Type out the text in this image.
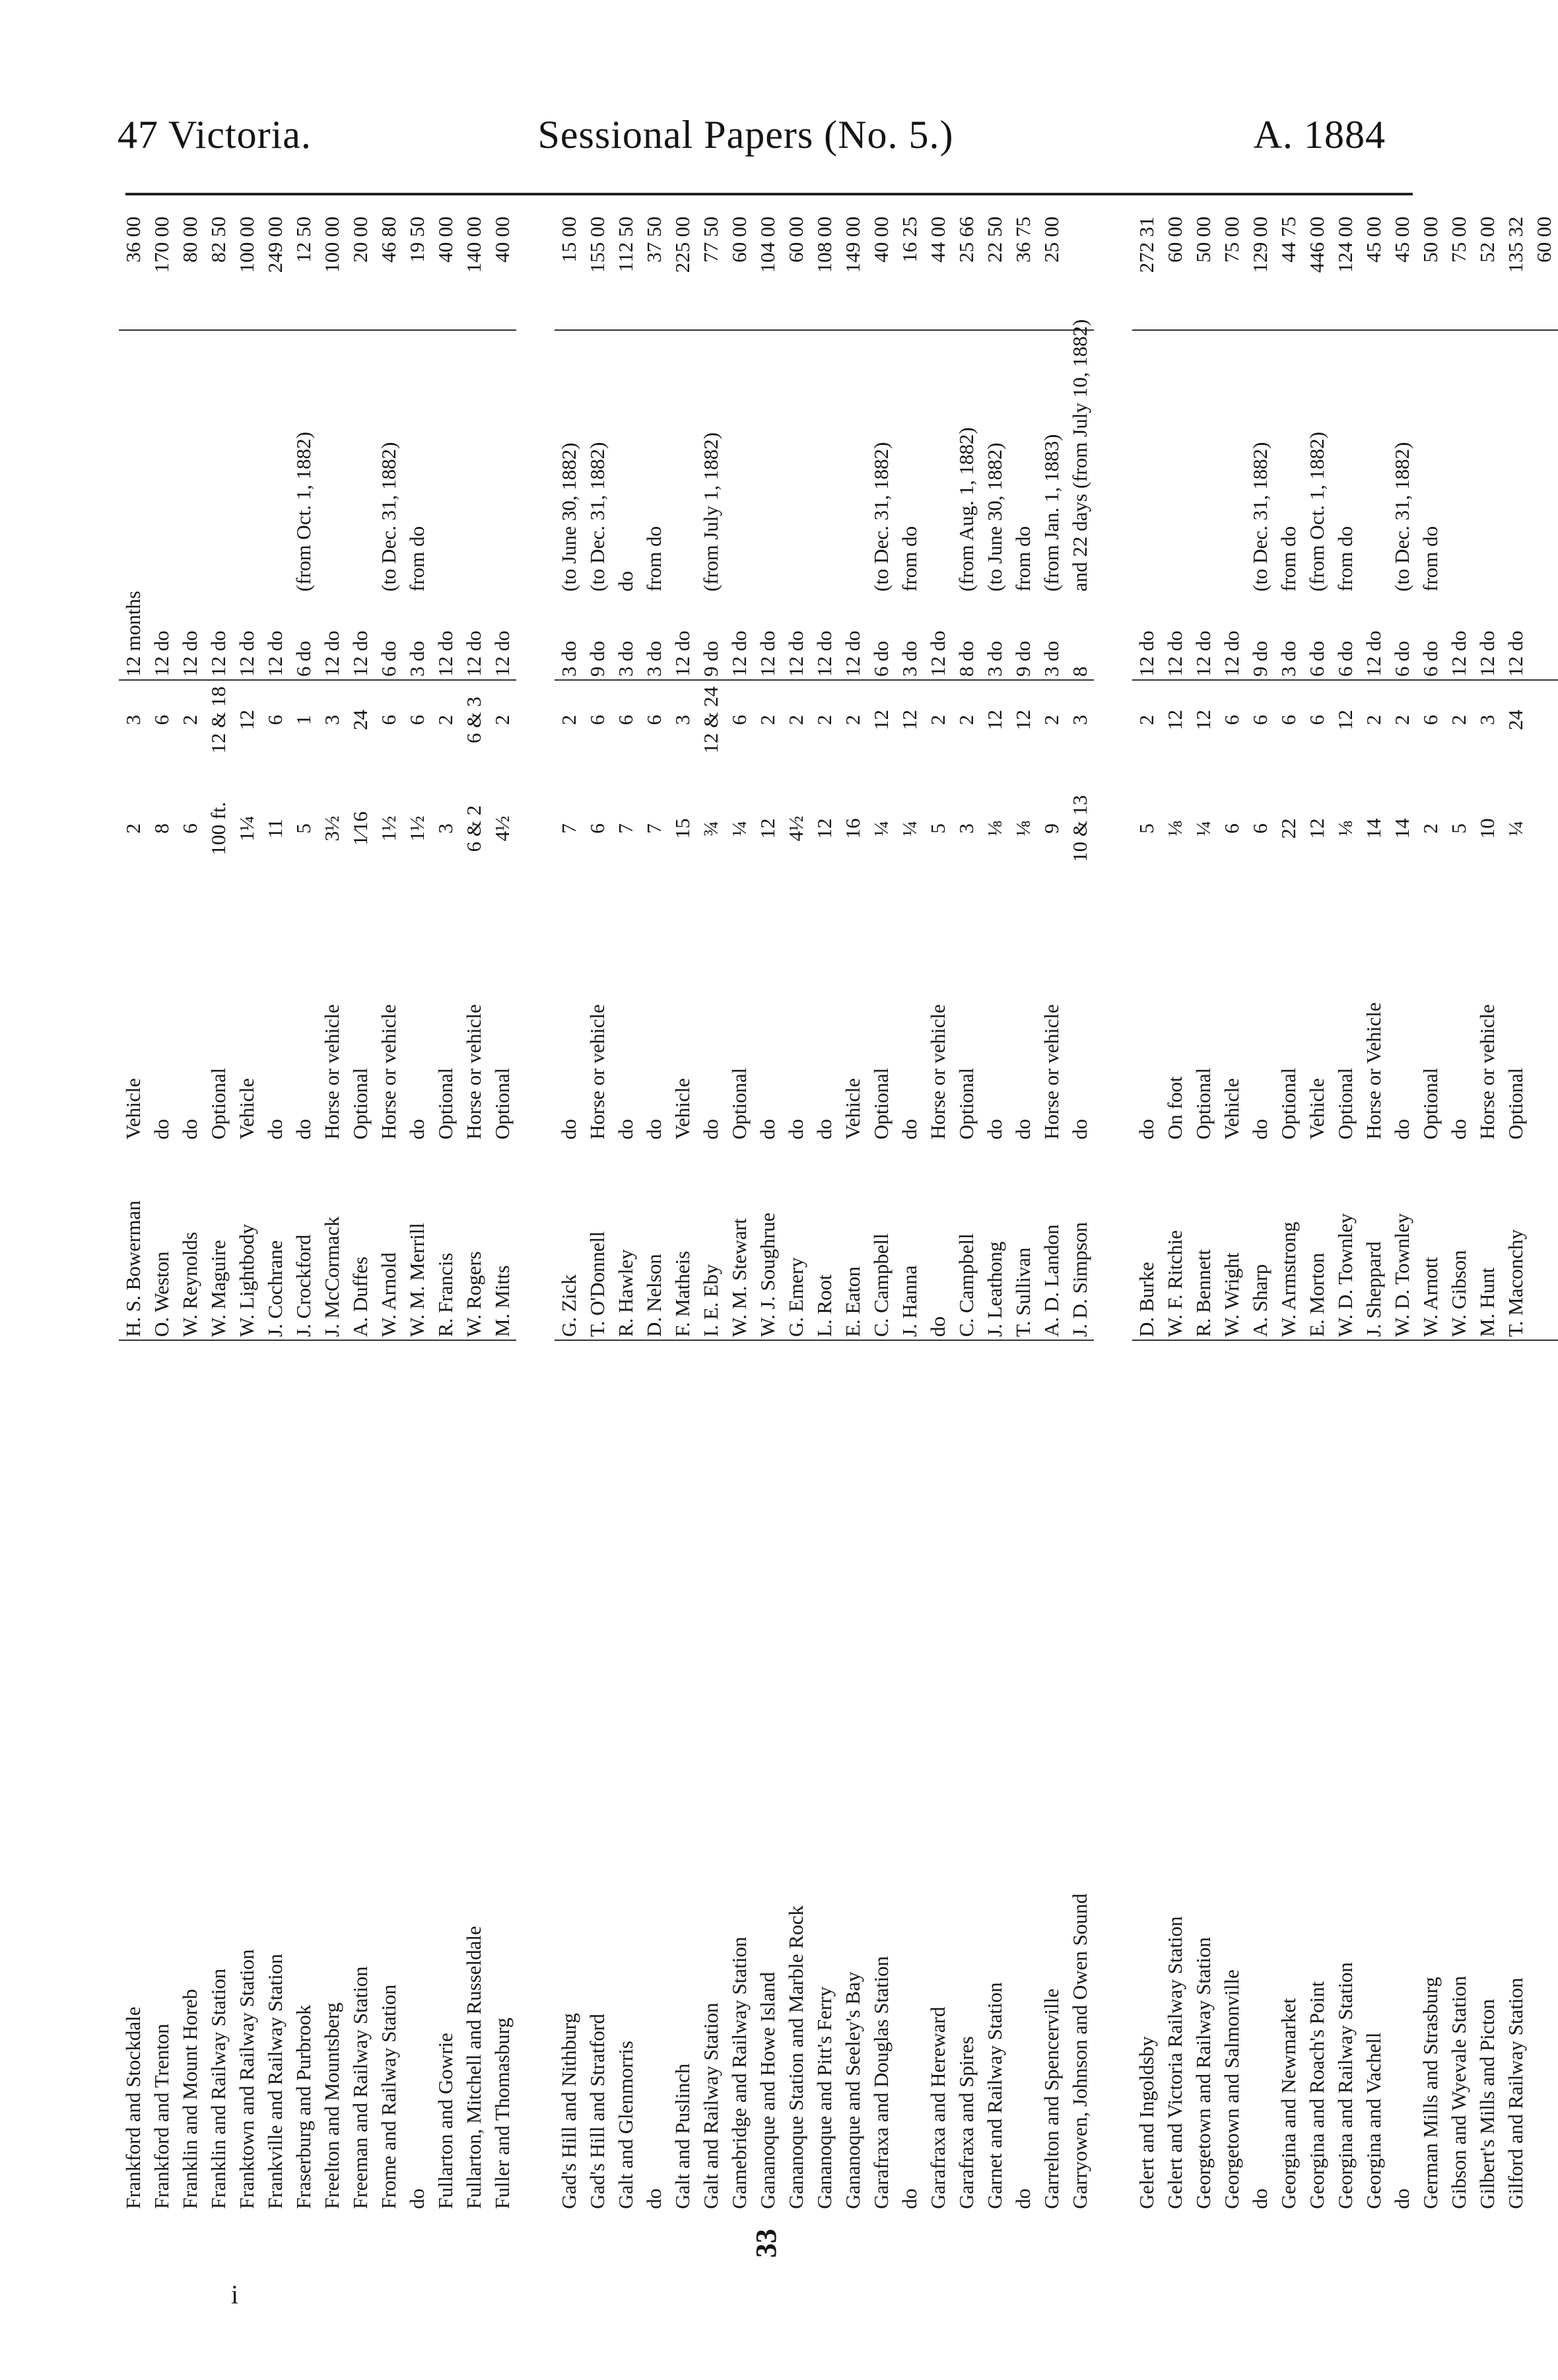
47 Victoria.	Sessional Papers (No. 5.)	A. 1884
Frankford and Stockdale	H. S. Bowerman	Vehicle	2	3	12 months		36 00
Frankford and Trenton	O. Weston	do	8	6	12 do		170 00
Franklin and Mount Horeb	W. Reynolds	do	6	2	12 do		80 00
Franklin and Railway Station	W. Maguire	Optional	100 ft.	12 & 18	12 do		82 50
Franktown and Railway Station	W. Lightbody	Vehicle	1¼	12	12 do		100 00
Frankville and Railway Station	J. Cochrane	do	11	6	12 do		249 00
Fraserburg and Purbrook	J. Crockford	do	5	1	6 do	(from Oct. 1, 1882)	12 50
Freelton and Mountsberg	J. McCormack	Horse or vehicle	3½	3	12 do		100 00
Freeman and Railway Station	A. Duffes	Optional	1⁄16	24	12 do		20 00
Frome and Railway Station	W. Arnold	Horse or vehicle	1½	6	6 do	(to Dec. 31, 1882)	46 80
do	W. M. Merrill	do	1½	6	3 do	from do	19 50
Fullarton and Gowrie	R. Francis	Optional	3	2	12 do		40 00
Fullarton, Mitchell and Russeldale	W. Rogers	Horse or vehicle	6 & 2	6 & 3	12 do		140 00
Fuller and Thomasburg	M. Mitts	Optional	4½	2	12 do		40 00

Gad's Hill and Nithburg	G. Zick	do	7	2	3 do	(to June 30, 1882)	15 00
Gad's Hill and Stratford	T. O'Donnell	Horse or vehicle	6	6	9 do	(to Dec. 31, 1882)	155 00
Galt and Glenmorris	R. Hawley	do	7	6	3 do	do	112 50
do	D. Nelson	do	7	6	3 do	from do	37 50
Galt and Puslinch	F. Matheis	Vehicle	15	3	12 do		225 00
Galt and Railway Station	I. E. Eby	do	¾	12 & 24	9 do	(from July 1, 1882)	77 50
Gamebridge and Railway Station	W. M. Stewart	Optional	¼	6	12 do		60 00
Gananoque and Howe Island	W. J. Soughrue	do	12	2	12 do		104 00
Gananoque Station and Marble Rock	G. Emery	do	4½	2	12 do		60 00
Gananoque and Pitt's Ferry	L. Root	do	12	2	12 do		108 00
Gananoque and Seeley's Bay	E. Eaton	Vehicle	16	2	12 do		149 00
Garafraxa and Douglas Station	C. Campbell	Optional	¼	12	6 do	(to Dec. 31, 1882)	40 00
do	J. Hanna	do	¼	12	3 do	from do	16 25
Garafraxa and Hereward	do	Horse or vehicle	5	2	12 do		44 00
Garafraxa and Spires	C. Campbell	Optional	3	2	8 do	(from Aug. 1, 1882)	25 66
Garnet and Railway Station	J. Leathong	do	⅛	12	3 do	(to June 30, 1882)	22 50
do	T. Sullivan	do	⅛	12	9 do	from do	36 75
Garrelton and Spencerville	A. D. Landon	Horse or vehicle	9	2	3 do	(from Jan. 1, 1883)	25 00
Garryowen, Johnson and Owen Sound	J. D. Simpson	do	10 & 13	3	8	and 22 days (from July 10, 1882)	

Gelert and Ingoldsby	D. Burke	do	5	2	12 do		272 31
Gelert and Victoria Railway Station	W. F. Ritchie	On foot	⅛	12	12 do		60 00
Georgetown and Railway Station	R. Bennett	Optional	¼	12	12 do		50 00
Georgetown and Salmonville	W. Wright	Vehicle	6	6	12 do		75 00
do	A. Sharp	do	6	6	9 do	(to Dec. 31, 1882)	129 00
Georgina and Newmarket	W. Armstrong	Optional	22	6	3 do	from do	44 75
Georgina and Roach's Point	E. Morton	Vehicle	12	6	6 do	(from Oct. 1, 1882)	446 00
Georgina and Railway Station	W. D. Townley	Optional	⅛	12	6 do	from do	124 00
Georgina and Vachell	J. Sheppard	Horse or Vehicle	14	2	12 do		45 00
do	W. D. Townley	do	14	2	6 do	(to Dec. 31, 1882)	45 00
German Mills and Strasburg	W. Arnott	Optional	2	6	6 do	from do	50 00
Gibson and Wyevale Station	W. Gibson	do	5	2	12 do		75 00
Gilbert's Mills and Picton	M. Hunt	Horse or vehicle	10	3	12 do		52 00
Gilford and Railway Station	T. Maconchy	Optional	¼	24	12 do		135 32
							60 00
33
i
